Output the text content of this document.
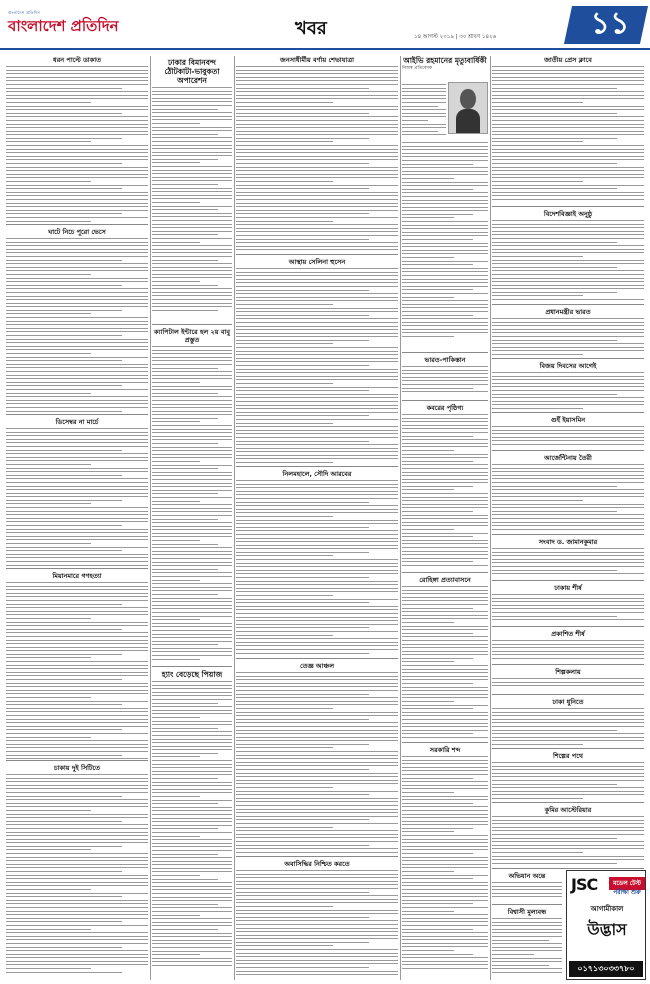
বাংলাদেশ প্রতিদিন
বাংলাদেশ প্রতিদিন	খবর	১৪ আগস্ট ২০১৯ | ৩০ শ্রাবণ ১৪২৬	১১
ধরন পাল্টে ডাকাত
ঘাটে নিচে পুরো ভেসে
ডিসেম্বর না মার্চে
মিয়ানমারে গণহত্যা
চাকায় দুই সিটিতে
ঢাকার বিমানবন্দ ঠৌটকাটা-ভাবুকতা অপারেশন
ক্যাপিটাল ইন্টারে হল ২য় বাবু প্রস্তুত
হ্যাং বেড়েছে পিয়াজ
জনসাধীর্মীয় বর্ণায় শেভাযাত্রা
আস্থায় সেলিনা হুসেন
নিলমহালে, সৌদি আরবের
তেজ্ঞ আঞ্চল
অবাসিদ্ধির নিশ্চিত করতে
আইভি রহমানের মৃত্যুবার্ষিকী
নিজস্ব প্রতিবেদক
ভারত-পাকিস্তান
কবরের পৃষ্ঠিগ্য
রোহিঙ্গা প্রত্যাবাসনে
সরকারি শব্দ
জাতীয় প্রেস ক্লাবে
বিদেশবিজ্ঞাই অনুষ্ঠু
প্রধানমন্ত্রীর ভারত
বিজয় দিবসের আগেই
গুইঁ ইয়াসমিন
আর্জেন্টিনায় তৈরী
সংবাদ ড. জামানকুমার
ঢাকায় শীর্ষ
প্রকাশিত শীর্ষ
শিল্পকলায়
ঢাকা ধুনিতে
শিল্পের পথে
কুমির আস্টেরিয়ার
অভিযান অন্তে
বিশ্বাসী মুল্যবন্ধ
JSC	মডেল টেস্ট
পরীক্ষা শুরু
আগামীকাল
উদ্ভাস
০১৭১৩০৩৩৭৮০
